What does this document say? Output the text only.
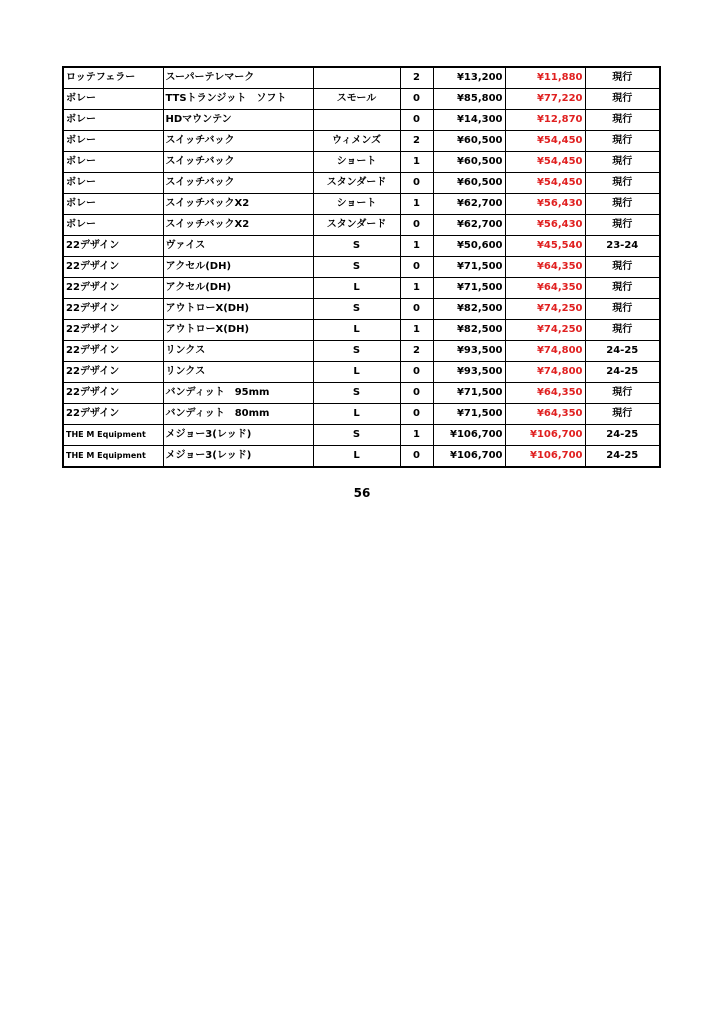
ロッテフェラー	スーパーテレマーク		2	¥13,200	¥11,880	現行
ボレー	TTSトランジット　ソフト	スモール	0	¥85,800	¥77,220	現行
ボレー	HDマウンテン		0	¥14,300	¥12,870	現行
ボレー	スイッチバック	ウィメンズ	2	¥60,500	¥54,450	現行
ボレー	スイッチバック	ショート	1	¥60,500	¥54,450	現行
ボレー	スイッチバック	スタンダード	0	¥60,500	¥54,450	現行
ボレー	スイッチバックX2	ショート	1	¥62,700	¥56,430	現行
ボレー	スイッチバックX2	スタンダード	0	¥62,700	¥56,430	現行
22デザイン	ヴァイス	S	1	¥50,600	¥45,540	23-24
22デザイン	アクセル(DH)	S	0	¥71,500	¥64,350	現行
22デザイン	アクセル(DH)	L	1	¥71,500	¥64,350	現行
22デザイン	アウトローX(DH)	S	0	¥82,500	¥74,250	現行
22デザイン	アウトローX(DH)	L	1	¥82,500	¥74,250	現行
22デザイン	リンクス	S	2	¥93,500	¥74,800	24-25
22デザイン	リンクス	L	0	¥93,500	¥74,800	24-25
22デザイン	バンディット　95mm	S	0	¥71,500	¥64,350	現行
22デザイン	バンディット　80mm	L	0	¥71,500	¥64,350	現行
THE M Equipment	メジョー3(レッド)	S	1	¥106,700	¥106,700	24-25
THE M Equipment	メジョー3(レッド)	L	0	¥106,700	¥106,700	24-25
56
